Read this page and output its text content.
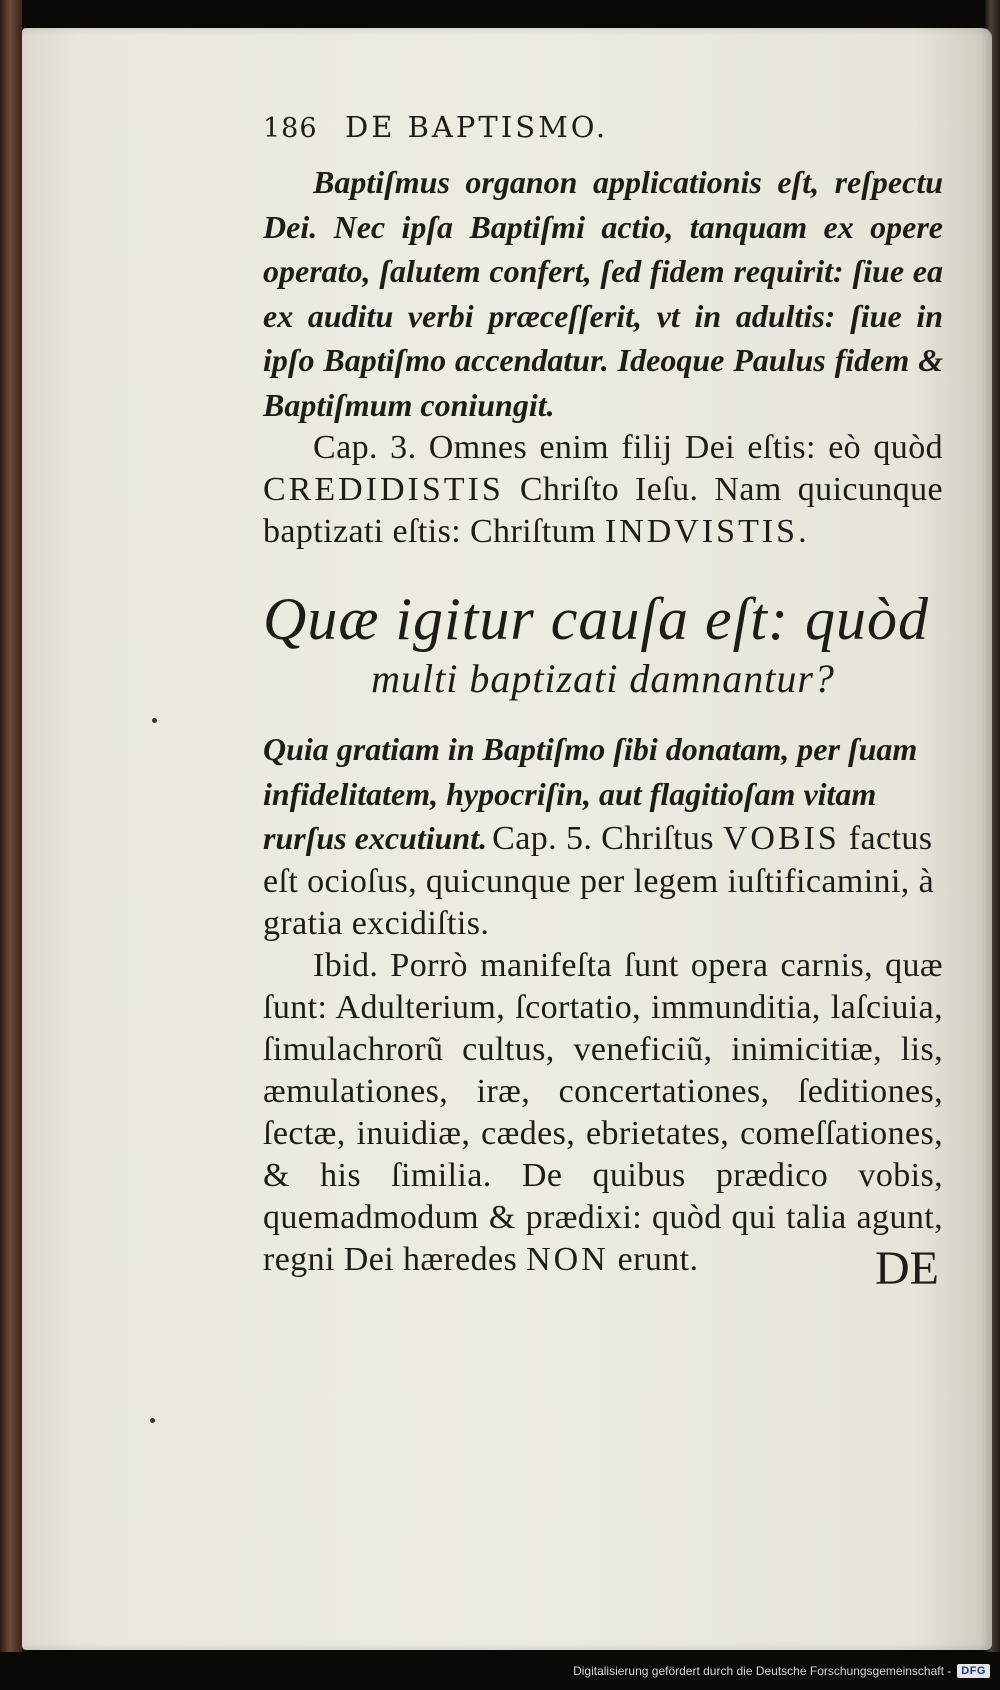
186 DE BAPTISMO.

Baptiſmus organon applicationis eſt, reſpectu Dei. Nec ipſa Baptiſmi actio, tanquam ex opere operato, ſalutem confert, ſed fidem requirit: ſiue ea ex auditu verbi præceſſerit, vt in adultis: ſiue in ipſo Baptiſmo accendatur. Ideoque Paulus fidem & Baptiſmum coniungit.

Cap. 3. Omnes enim filij Dei eſtis: eò quòd CREDIDISTIS Chriſto Ieſu. Nam quicunque baptizati eſtis: Chriſtum INDVISTIS.

Quæ igitur cauſa eſt: quòd
multi baptizati damnantur?

Quia gratiam in Baptiſmo ſibi donatam, per ſuam infidelitatem, hypocriſin, aut flagitioſam vitam rurſus excutiunt.

Cap. 5. Chriſtus VOBIS factus eſt ocioſus, quicunque per legem iuſtificamini, à gratia excidiſtis.

Ibid. Porrò manifeſta ſunt opera carnis, quæ ſunt: Adulterium, ſcortatio, immunditia, laſciuia, ſimulachrorũ cultus, veneficiũ, inimicitiæ, lis, æmulationes, iræ, concertationes, ſeditiones, ſectæ, inuidiæ, cædes, ebrietates, comeſſationes, & his ſimilia. De quibus prædico vobis, quemadmodum & prædixi: quòd qui talia agunt, regni Dei hæredes NON erunt.	DE
Digitalisierung gefördert durch die Deutsche Forschungsgemeinschaft - DFG
